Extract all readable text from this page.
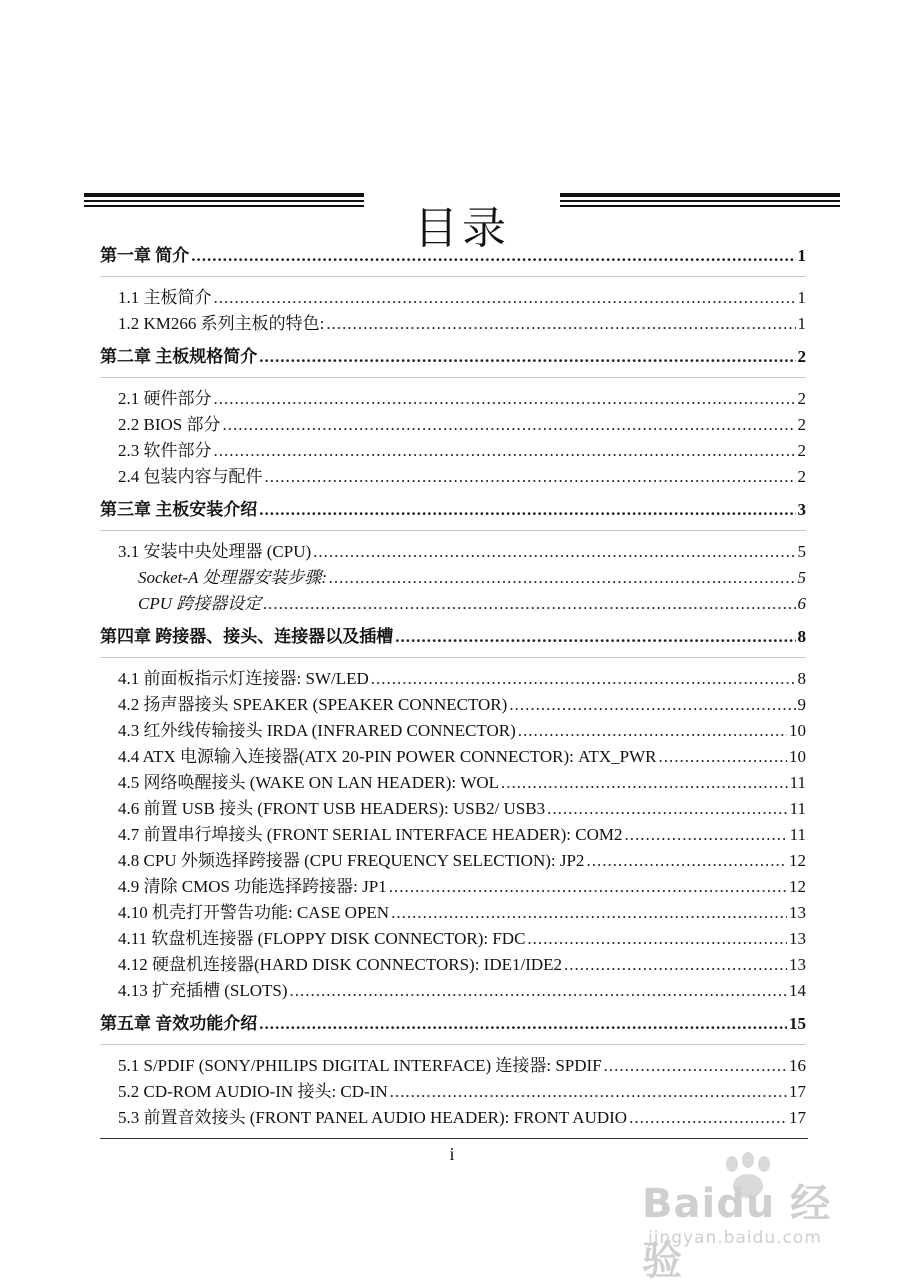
目录
第一章 简介 .....	1
1.1 主板简介 .....	1
1.2 KM266 系列主板的特色: .....	1
第二章 主板规格简介 .....	2
2.1 硬件部分 .....	2
2.2 BIOS 部分 .....	2
2.3 软件部分 .....	2
2.4 包装内容与配件 .....	2
第三章 主板安装介绍 .....	3
3.1 安装中央处理器 (CPU) .....	5
Socket-A 处理器安装步骤: .....	5
CPU 跨接器设定 .....	6
第四章 跨接器、接头、连接器以及插槽 .....	8
4.1 前面板指示灯连接器: SW/LED .....	8
4.2 扬声器接头 SPEAKER (SPEAKER CONNECTOR) .....	9
4.3 红外线传输接头 IRDA (INFRARED CONNECTOR) .....	10
4.4 ATX 电源输入连接器(ATX 20-PIN POWER CONNECTOR): ATX_PWR .....	10
4.5 网络唤醒接头 (WAKE ON LAN HEADER): WOL .....	11
4.6 前置 USB 接头 (FRONT USB HEADERS): USB2/ USB3 .....	11
4.7 前置串行埠接头 (FRONT SERIAL INTERFACE HEADER): COM2 .....	11
4.8 CPU 外频选择跨接器 (CPU FREQUENCY SELECTION): JP2 .....	12
4.9 清除 CMOS 功能选择跨接器: JP1 .....	12
4.10 机壳打开警告功能: CASE OPEN .....	13
4.11 软盘机连接器 (FLOPPY DISK CONNECTOR): FDC .....	13
4.12 硬盘机连接器(HARD DISK CONNECTORS): IDE1/IDE2 .....	13
4.13 扩充插槽 (SLOTS) .....	14
第五章 音效功能介绍 .....	15
5.1 S/PDIF (SONY/PHILIPS DIGITAL INTERFACE) 连接器: SPDIF .....	16
5.2 CD-ROM AUDIO-IN 接头: CD-IN .....	17
5.3 前置音效接头 (FRONT PANEL AUDIO HEADER): FRONT AUDIO .....	17
i
Baidu 经验
jingyan.baidu.com
